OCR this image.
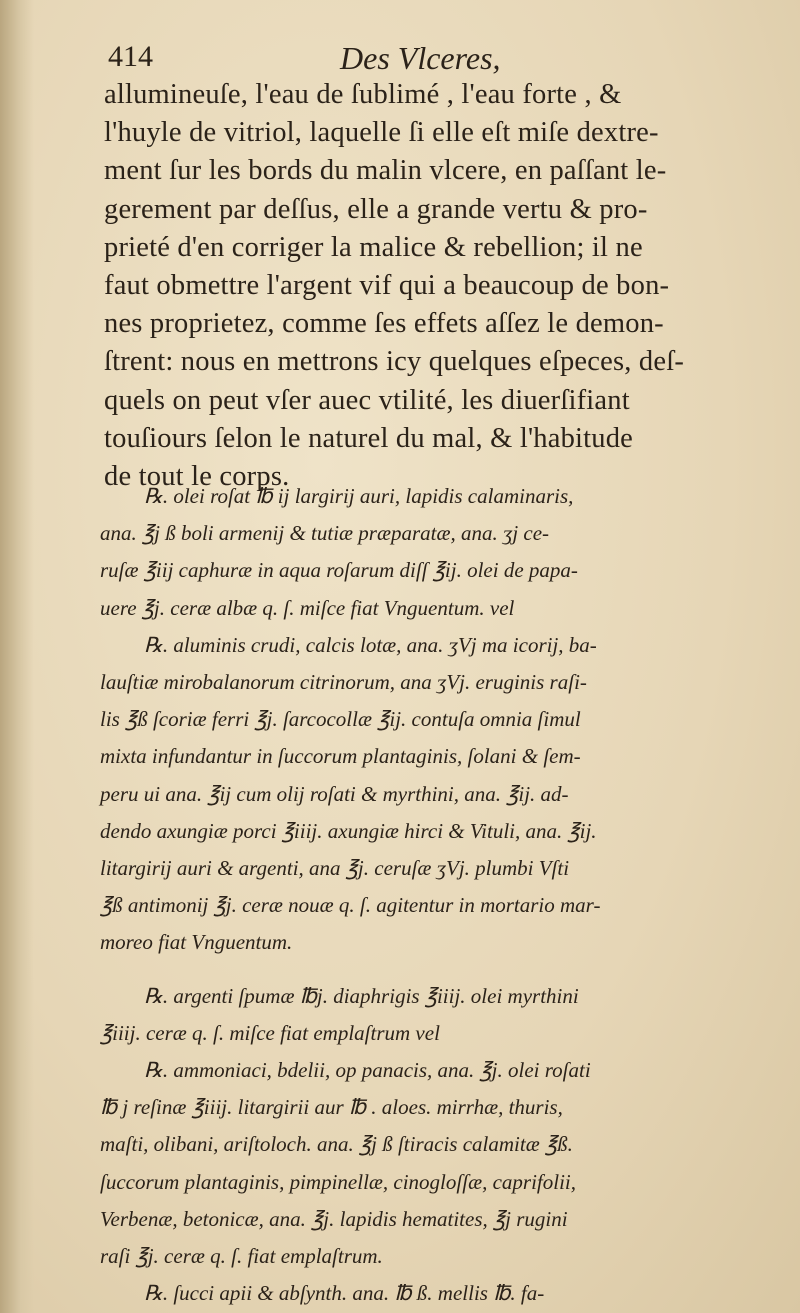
414	Des Vlceres,
allumineuſe, l'eau de ſublimé , l'eau forte , &
l'huyle de vitriol, laquelle ſi elle eſt miſe dextre-
ment ſur les bords du malin vlcere, en paſſant le-
gerement par deſſus, elle a grande vertu & pro-
prieté d'en corriger la malice & rebellion; il ne
faut obmettre l'argent vif qui a beaucoup de bon-
nes proprietez, comme ſes effets aſſez le demon-
ſtrent: nous en mettrons icy quelques eſpeces, deſ-
quels on peut vſer auec vtilité, les diuerſifiant
touſiours ſelon le naturel du mal, & l'habitude
de tout le corps.
℞. olei roſat ℔ ij largirij auri, lapidis calaminaris,
ana. ℥j ß boli armenij & tutiæ præparatæ, ana. ʒj ce-
ruſæ ℥iij caphuræ in aqua roſarum diſſ ℥ij. olei de papa-
uere ℥j. ceræ albæ q. ſ. miſce fiat Vnguentum. vel
℞. aluminis crudi, calcis lotæ, ana. ʒVj ma icorij, ba-
lauſtiæ mirobalanorum citrinorum, ana ʒVj. eruginis raſi-
lis ℥ß ſcoriæ ferri ℥j. ſarcocollæ ℥ij. contuſa omnia ſimul
mixta infundantur in ſuccorum plantaginis, ſolani & ſem-
peru ui ana. ℥ij cum olij roſati & myrthini, ana. ℥ij. ad-
dendo axungiæ porci ℥iiij. axungiæ hirci & Vituli, ana. ℥ij.
litargirij auri & argenti, ana ℥j. ceruſæ ʒVj. plumbi Vſti
℥ß antimonij ℥j. ceræ nouæ q. ſ. agitentur in mortario mar-
moreo fiat Vnguentum.
℞. argenti ſpumæ ℔j. diaphrigis ℥iiij. olei myrthini
℥iiij. ceræ q. ſ. miſce fiat emplaſtrum vel
℞. ammoniaci, bdelii, op panacis, ana. ℥j. olei roſati
℔ j reſinæ ℥iiij. litargirii aur ℔ . aloes. mirrhæ, thuris,
maſti, olibani, ariſtoloch. ana. ℥j ß ſtiracis calamitæ ℥ß.
ſuccorum plantaginis, pimpinellæ, cinogloſſæ, caprifolii,
Verbenæ, betonicæ, ana. ℥j. lapidis hematites, ℥j rugini
raſi ℥j. ceræ q. ſ. fiat emplaſtrum.
℞. ſucci apii & abſynth. ana. ℔ ß. mellis ℔. fa-
